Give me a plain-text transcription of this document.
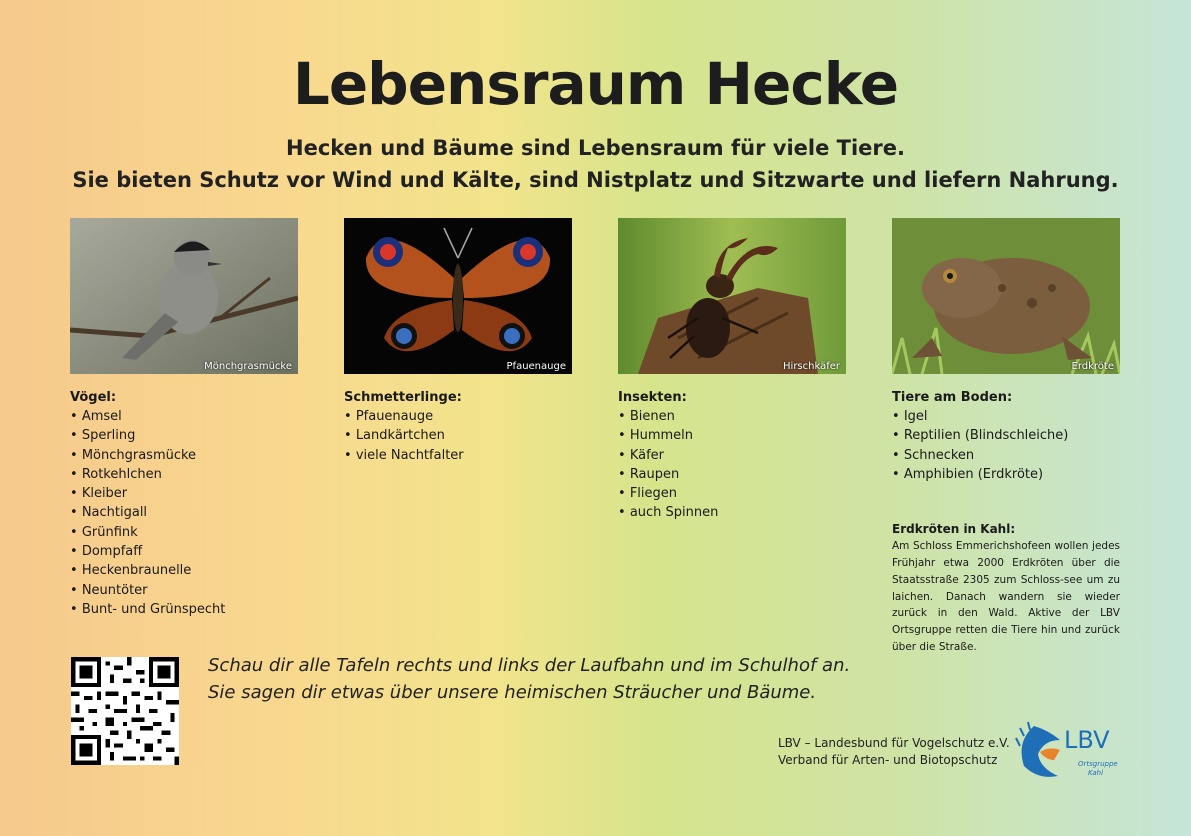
Lebensraum Hecke
Hecken und Bäume sind Lebensraum für viele Tiere.
Sie bieten Schutz vor Wind und Kälte, sind Nistplatz und Sitzwarte und liefern Nahrung.
Mönchgrasmücke
Vögel:
• Amsel
• Sperling
• Mönchgrasmücke
• Rotkehlchen
• Kleiber
• Nachtigall
• Grünfink
• Dompfaff
• Heckenbraunelle
• Neuntöter
• Bunt- und Grünspecht
Pfauenauge
Schmetterlinge:
• Pfauenauge
• Landkärtchen
• viele Nachtfalter
Hirschkäfer
Insekten:
• Bienen
• Hummeln
• Käfer
• Raupen
• Fliegen
• auch Spinnen
Erdkröte
Tiere am Boden:
• Igel
• Reptilien (Blindschleiche)
• Schnecken
• Amphibien (Erdkröte)
Erdkröten in Kahl:
Am Schloss Emmerichshofeen wollen jedes Frühjahr etwa 2000 Erdkröten über die Staatsstraße 2305 zum Schloss-see um zu laichen. Danach wandern sie wieder zurück in den Wald. Aktive der LBV Ortsgruppe retten die Tiere hin und zurück über die Straße.
Schau dir alle Tafeln rechts und links der Laufbahn und im Schulhof an.
Sie sagen dir etwas über unsere heimischen Sträucher und Bäume.
LBV – Landesbund für Vogelschutz e.V.
Verband für Arten- und Biotopschutz
LBV
Ortsgruppe
Kahl
